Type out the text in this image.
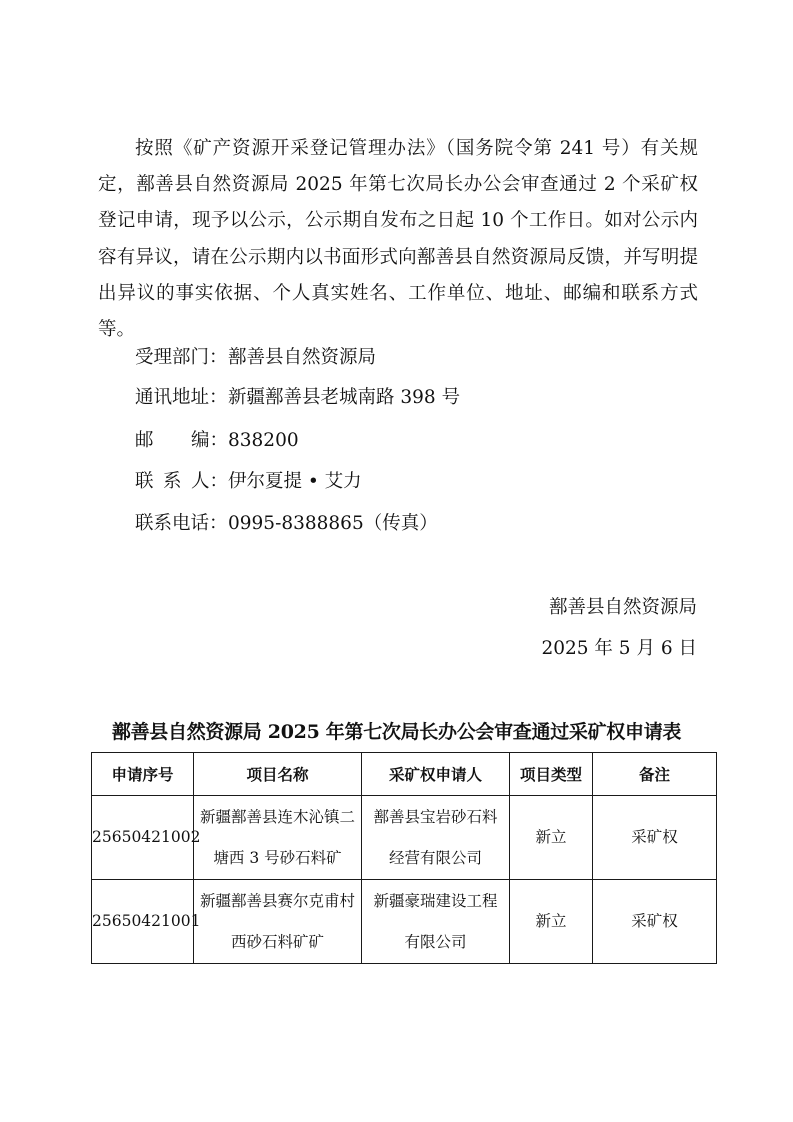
按照《矿产资源开采登记管理办法》（国务院令第 241 号）有关规定，鄯善县自然资源局 2025 年第七次局长办公会审查通过 2 个采矿权登记申请，现予以公示，公示期自发布之日起 10 个工作日。如对公示内容有异议，请在公示期内以书面形式向鄯善县自然资源局反馈，并写明提出异议的事实依据、个人真实姓名、工作单位、地址、邮编和联系方式等。

受理部门：鄯善县自然资源局
通讯地址：新疆鄯善县老城南路 398 号
邮 编： 838200
联 系 人： 伊尔夏提 • 艾力
联系电话：0995-8388865（传真）
鄯善县自然资源局
2025 年 5 月 6 日
鄯善县自然资源局 2025 年第七次局长办公会审查通过采矿权申请表
申请序号	项目名称	采矿权申请人	项目类型	备注
25650421002	新疆鄯善县连木沁镇二塘西 3 号砂石料矿	鄯善县宝岩砂石料经营有限公司	新立	采矿权
25650421001	新疆鄯善县赛尔克甫村西砂石料矿矿	新疆豪瑞建设工程有限公司	新立	采矿权
